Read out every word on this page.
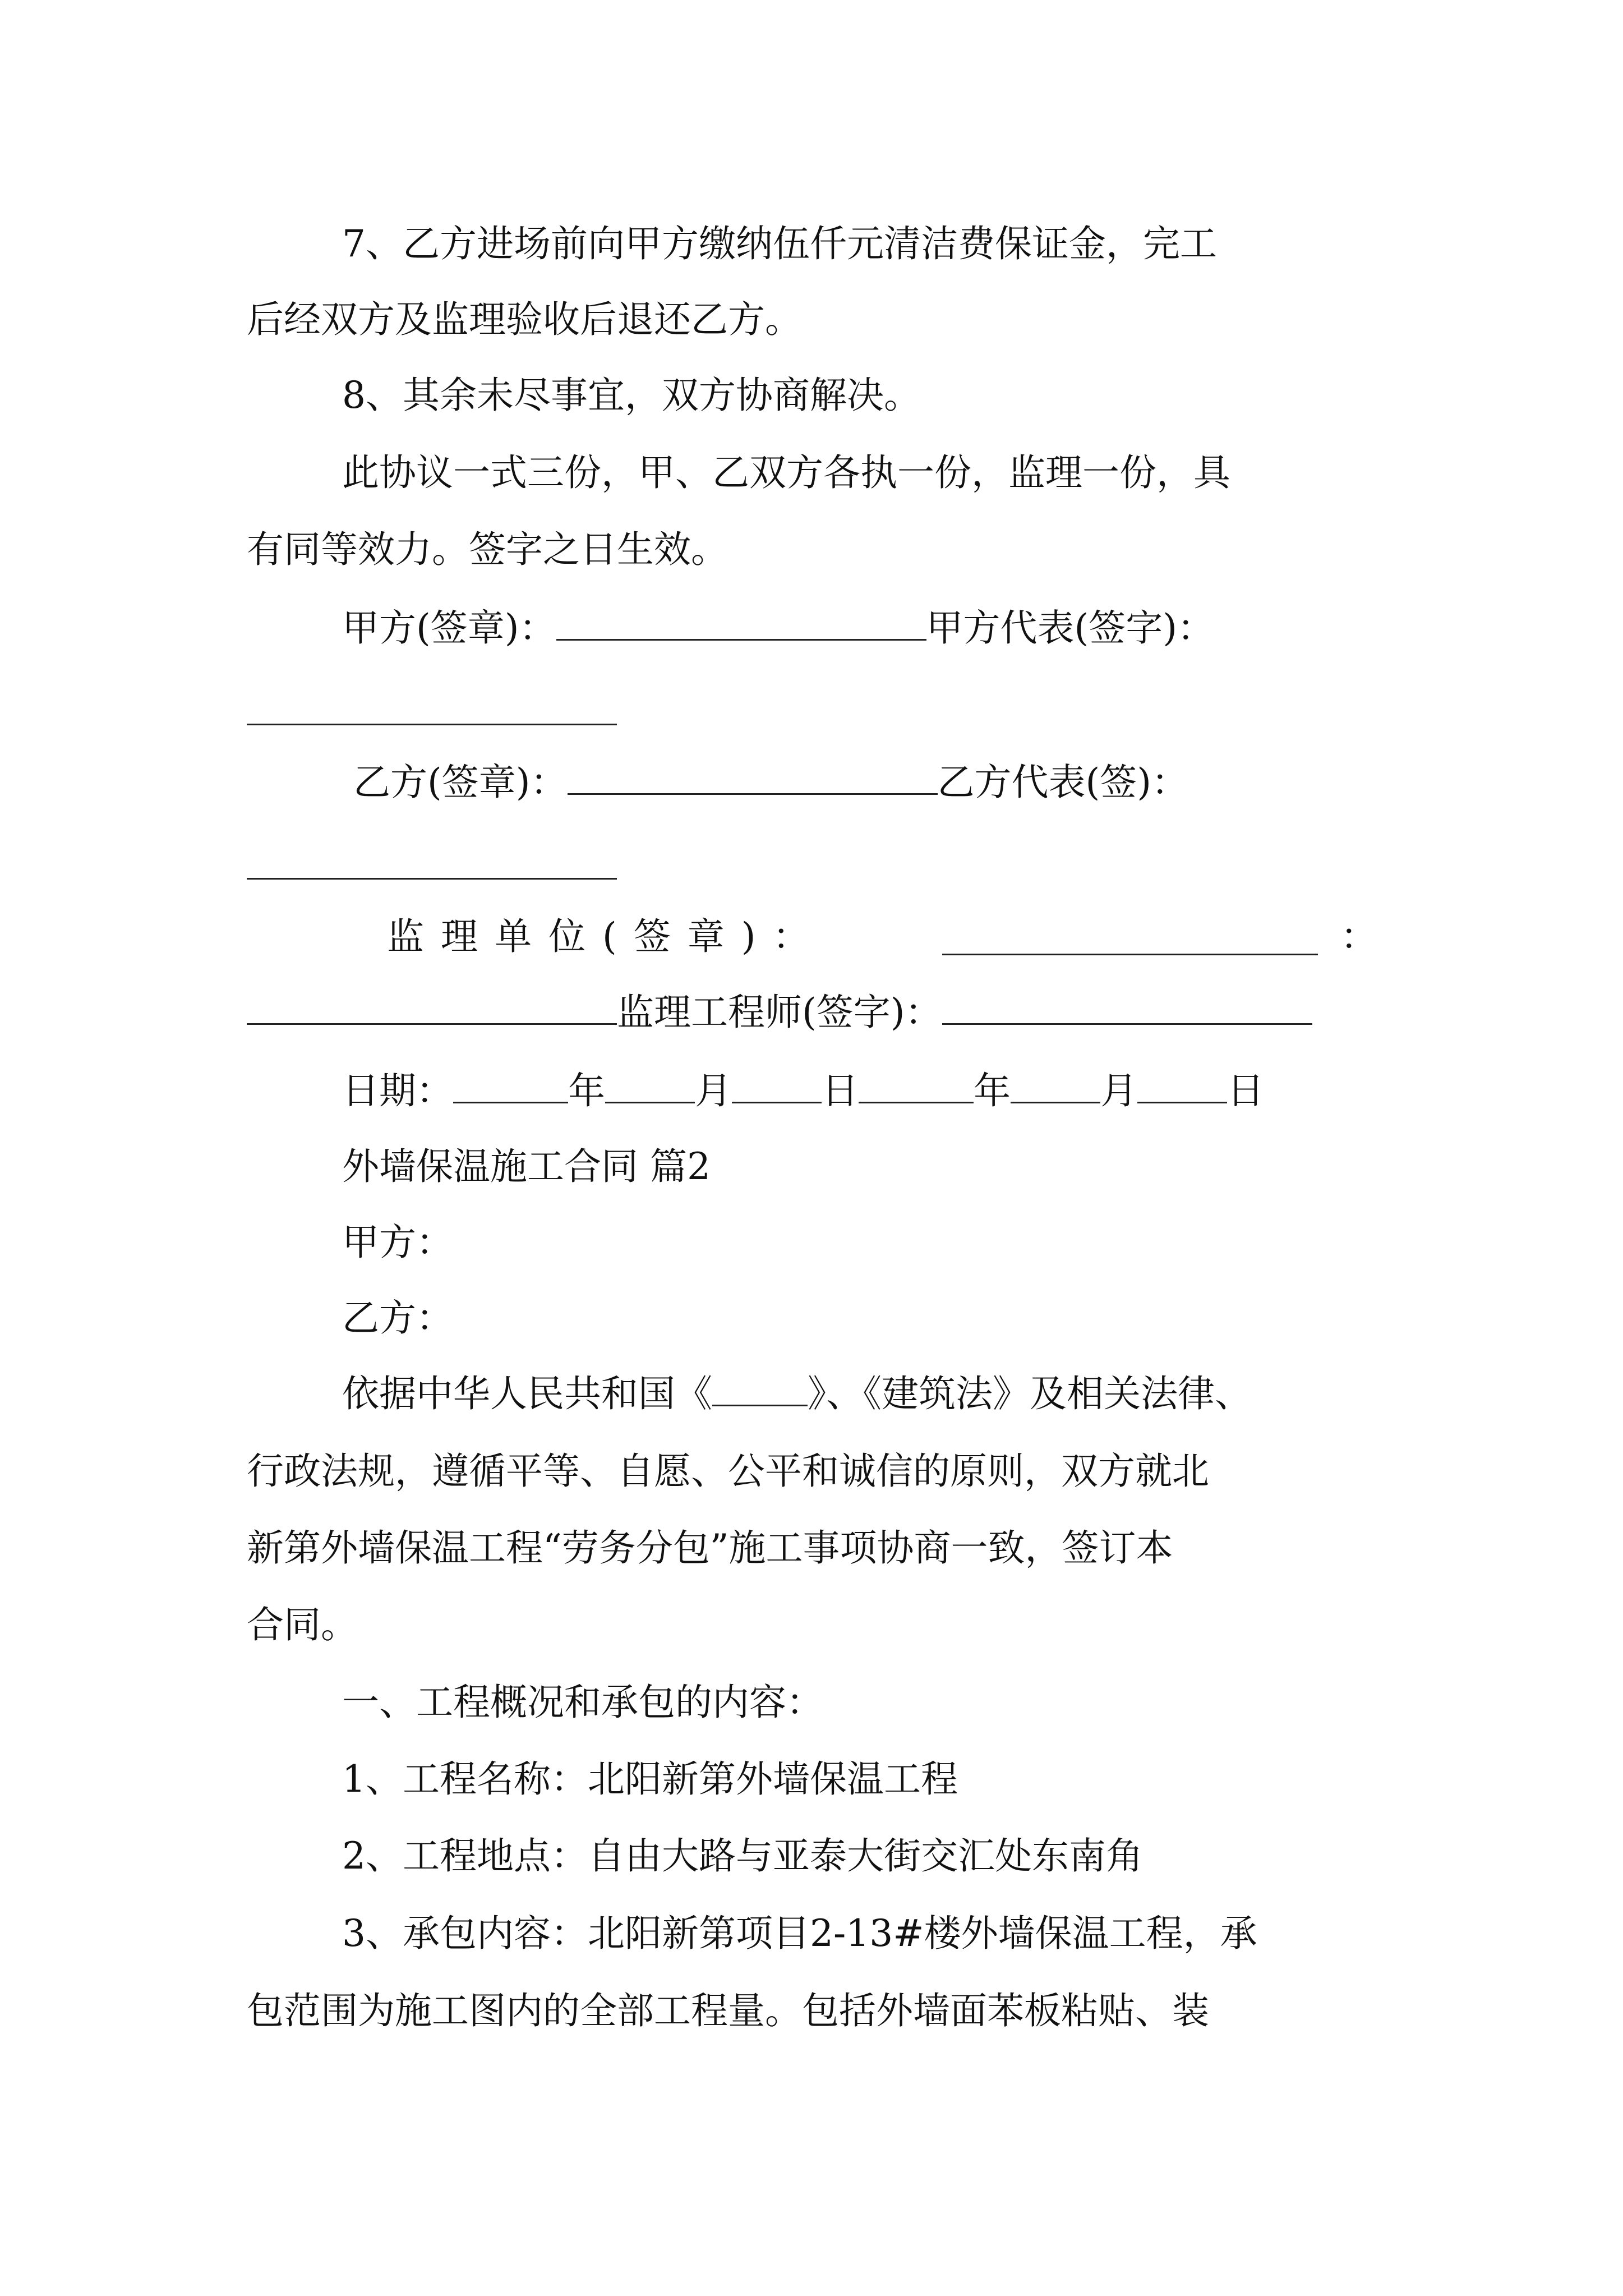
7、乙方进场前向甲方缴纳伍仟元清洁费保证金，完工
后经双方及监理验收后退还乙方。
8、其余未尽事宜，双方协商解决。
此协议一式三份，甲、乙双方各执一份，监理一份，具
有同等效力。签字之日生效。
甲方(签章)：	甲方代表(签字)：
乙方(签章)：	乙方代表(签)：
监理单位(签章)：	：
监理工程师(签字)：
日期：	年 月 日	年 月 日
外墙保温施工合同 篇2
甲方：
乙方：
依据中华人民共和国《	》、《建筑法》及相关法律、
行政法规，遵循平等、自愿、公平和诚信的原则，双方就北
新第外墙保温工程“劳务分包”施工事项协商一致，签订本
合同。
一、工程概况和承包的内容：
1、工程名称：北阳新第外墙保温工程
2、工程地点：自由大路与亚泰大街交汇处东南角
3、承包内容：北阳新第项目2-13#楼外墙保温工程，承
包范围为施工图内的全部工程量。包括外墙面苯板粘贴、装
